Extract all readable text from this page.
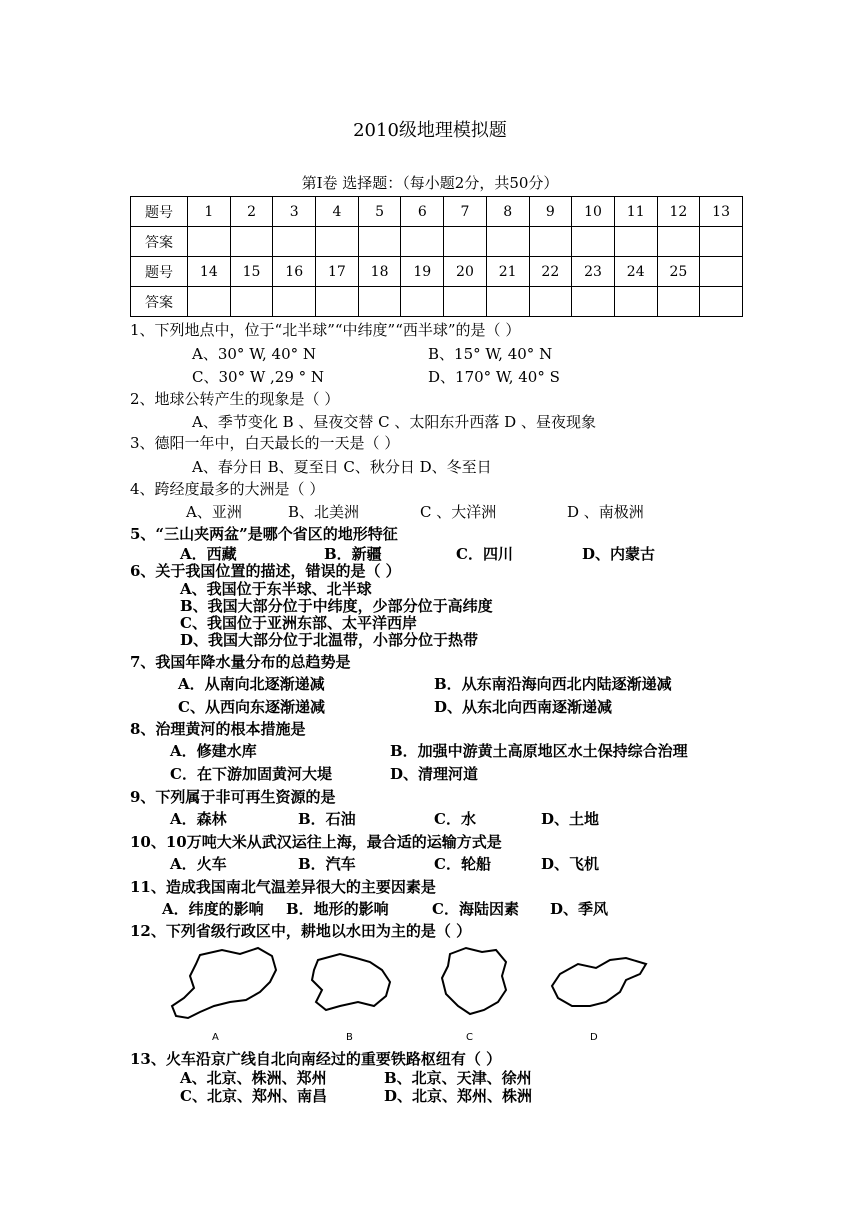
2010级地理模拟题
第Ⅰ卷 选择题：（每小题2分，共50分）
题号	1	2	3	4	5	6	7	8	9	10	11	12	13
答案													
题号	14	15	16	17	18	19	20	21	22	23	24	25	
答案													
1、下列地点中，位于“北半球”“中纬度”“西半球”的是（ ）
A、30° W, 40° N	B、15° W, 40° N
C、30° W ,29 ° N	D、170° W, 40° S
2、地球公转产生的现象是（ ）
A、季节变化 B 、昼夜交替 C 、太阳东升西落 D 、昼夜现象
3、德阳一年中，白天最长的一天是（ ）
A、春分日 B、夏至日 C、秋分日 D、冬至日
4、跨经度最多的大洲是（ ）
A、亚洲	B、北美洲	C 、大洋洲	D 、南极洲
5、“三山夹两盆”是哪个省区的地形特征
A．西藏	B．新疆	C．四川	D、内蒙古
6、关于我国位置的描述，错误的是（ ）
A、我国位于东半球、北半球
B、我国大部分位于中纬度，少部分位于高纬度
C、我国位于亚洲东部、太平洋西岸
D、我国大部分位于北温带，小部分位于热带
7、我国年降水量分布的总趋势是
A．从南向北逐渐递减	B．从东南沿海向西北内陆逐渐递减
C、从西向东逐渐递减	D、从东北向西南逐渐递减
8、治理黄河的根本措施是
A．修建水库	B．加强中游黄土高原地区水土保持综合治理
C．在下游加固黄河大堤	D、清理河道
9、下列属于非可再生资源的是
A．森林	B．石油	C．水	D、土地
10、10万吨大米从武汉运往上海，最合适的运输方式是
A．火车	B．汽车	C．轮船	D、飞机
11、造成我国南北气温差异很大的主要因素是
A．纬度的影响 B．地形的影响	C．海陆因素 D、季风
12、下列省级行政区中，耕地以水田为主的是（ ）
A	B	C	D
13、火车沿京广线自北向南经过的重要铁路枢纽有（ ）
A、北京、株洲、郑州	B、北京、天津、徐州
C、北京、郑州、南昌	D、北京、郑州、株洲
